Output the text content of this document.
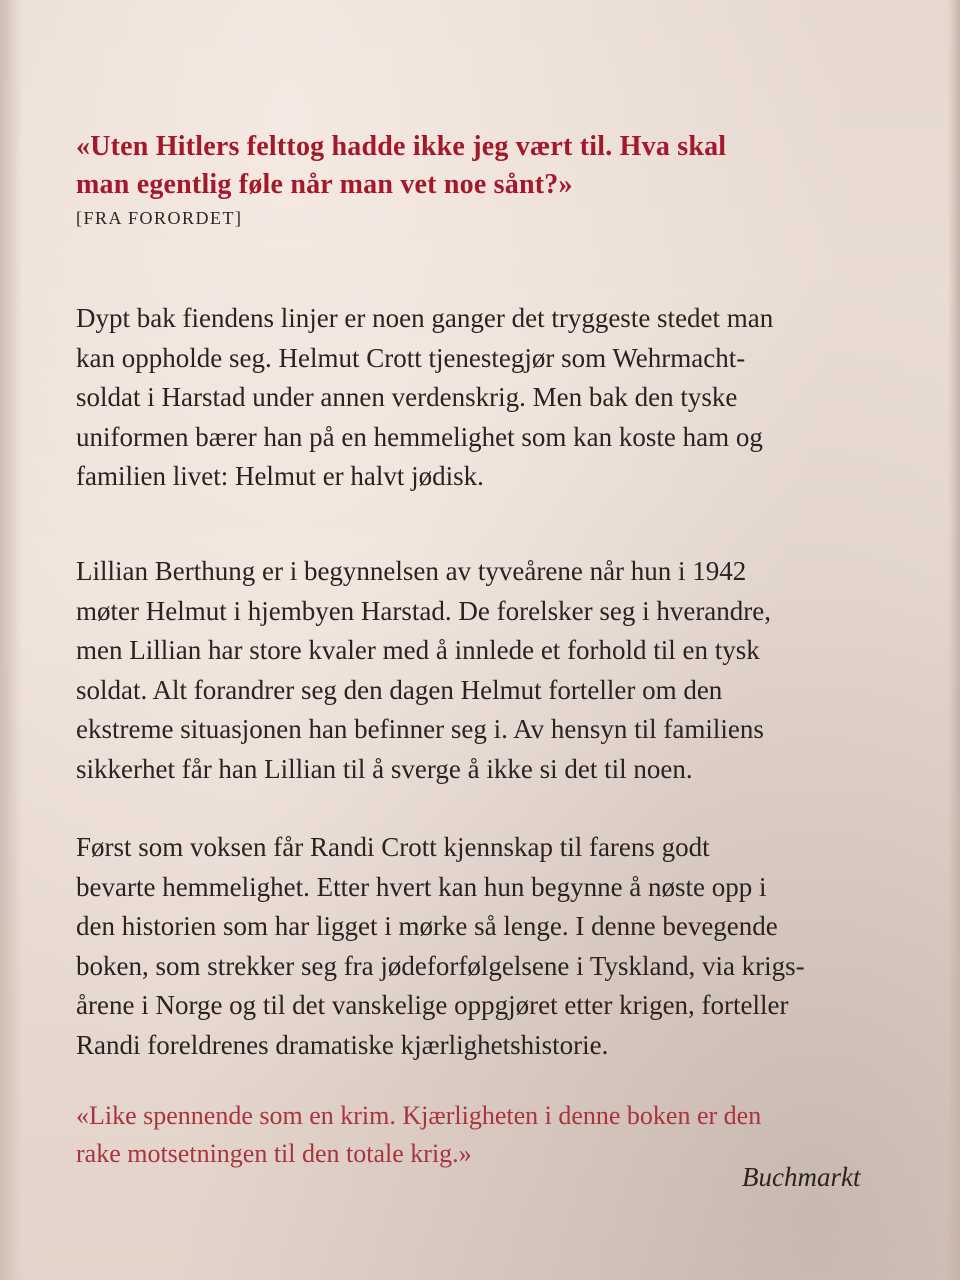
«Uten Hitlers felttog hadde ikke jeg vært til. Hva skal
man egentlig føle når man vet noe sånt?»

[FRA FORORDET]

Dypt bak fiendens linjer er noen ganger det tryggeste stedet man
kan oppholde seg. Helmut Crott tjenestegjør som Wehrmacht-
soldat i Harstad under annen verdenskrig. Men bak den tyske
uniformen bærer han på en hemmelighet som kan koste ham og
familien livet: Helmut er halvt jødisk.

Lillian Berthung er i begynnelsen av tyveårene når hun i 1942
møter Helmut i hjembyen Harstad. De forelsker seg i hverandre,
men Lillian har store kvaler med å innlede et forhold til en tysk
soldat. Alt forandrer seg den dagen Helmut forteller om den
ekstreme situasjonen han befinner seg i. Av hensyn til familiens
sikkerhet får han Lillian til å sverge å ikke si det til noen.

Først som voksen får Randi Crott kjennskap til farens godt
bevarte hemmelighet. Etter hvert kan hun begynne å nøste opp i
den historien som har ligget i mørke så lenge. I denne bevegende
boken, som strekker seg fra jødeforfølgelsene i Tyskland, via krigs-
årene i Norge og til det vanskelige oppgjøret etter krigen, forteller
Randi foreldrenes dramatiske kjærlighetshistorie.

«Like spennende som en krim. Kjærligheten i denne boken er den
rake motsetningen til den totale krig.»

Buchmarkt
